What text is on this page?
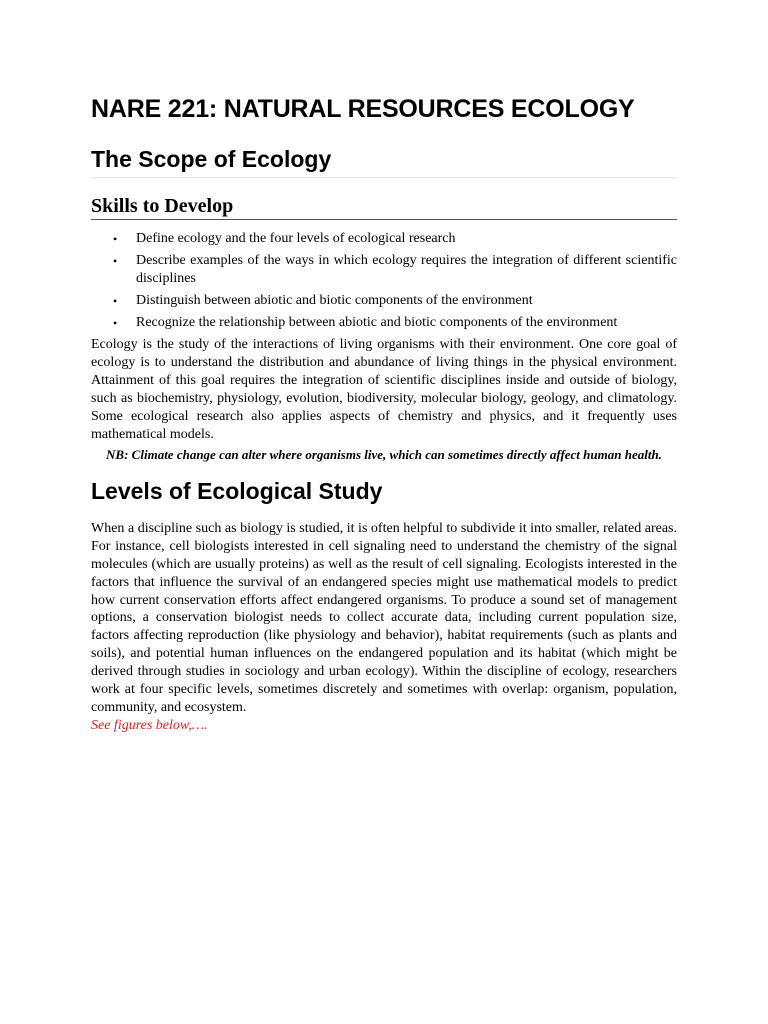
NARE 221: NATURAL RESOURCES ECOLOGY
The Scope of Ecology
Skills to Develop
• Define ecology and the four levels of ecological research
• Describe examples of the ways in which ecology requires the integration of different scientific disciplines
• Distinguish between abiotic and biotic components of the environment
• Recognize the relationship between abiotic and biotic components of the environment

Ecology is the study of the interactions of living organisms with their environment. One core goal of ecology is to understand the distribution and abundance of living things in the physical environment. Attainment of this goal requires the integration of scientific disciplines inside and outside of biology, such as biochemistry, physiology, evolution, biodiversity, molecular biology, geology, and climatology. Some ecological research also applies aspects of chemistry and physics, and it frequently uses mathematical models.

NB: Climate change can alter where organisms live, which can sometimes directly affect human health.

Levels of Ecological Study

When a discipline such as biology is studied, it is often helpful to subdivide it into smaller, related areas. For instance, cell biologists interested in cell signaling need to understand the chemistry of the signal molecules (which are usually proteins) as well as the result of cell signaling. Ecologists interested in the factors that influence the survival of an endangered species might use mathematical models to predict how current conservation efforts affect endangered organisms. To produce a sound set of management options, a conservation biologist needs to collect accurate data, including current population size, factors affecting reproduction (like physiology and behavior), habitat requirements (such as plants and soils), and potential human influences on the endangered population and its habitat (which might be derived through studies in sociology and urban ecology). Within the discipline of ecology, researchers work at four specific levels, sometimes discretely and sometimes with overlap: organism, population, community, and ecosystem.

See figures below,….
